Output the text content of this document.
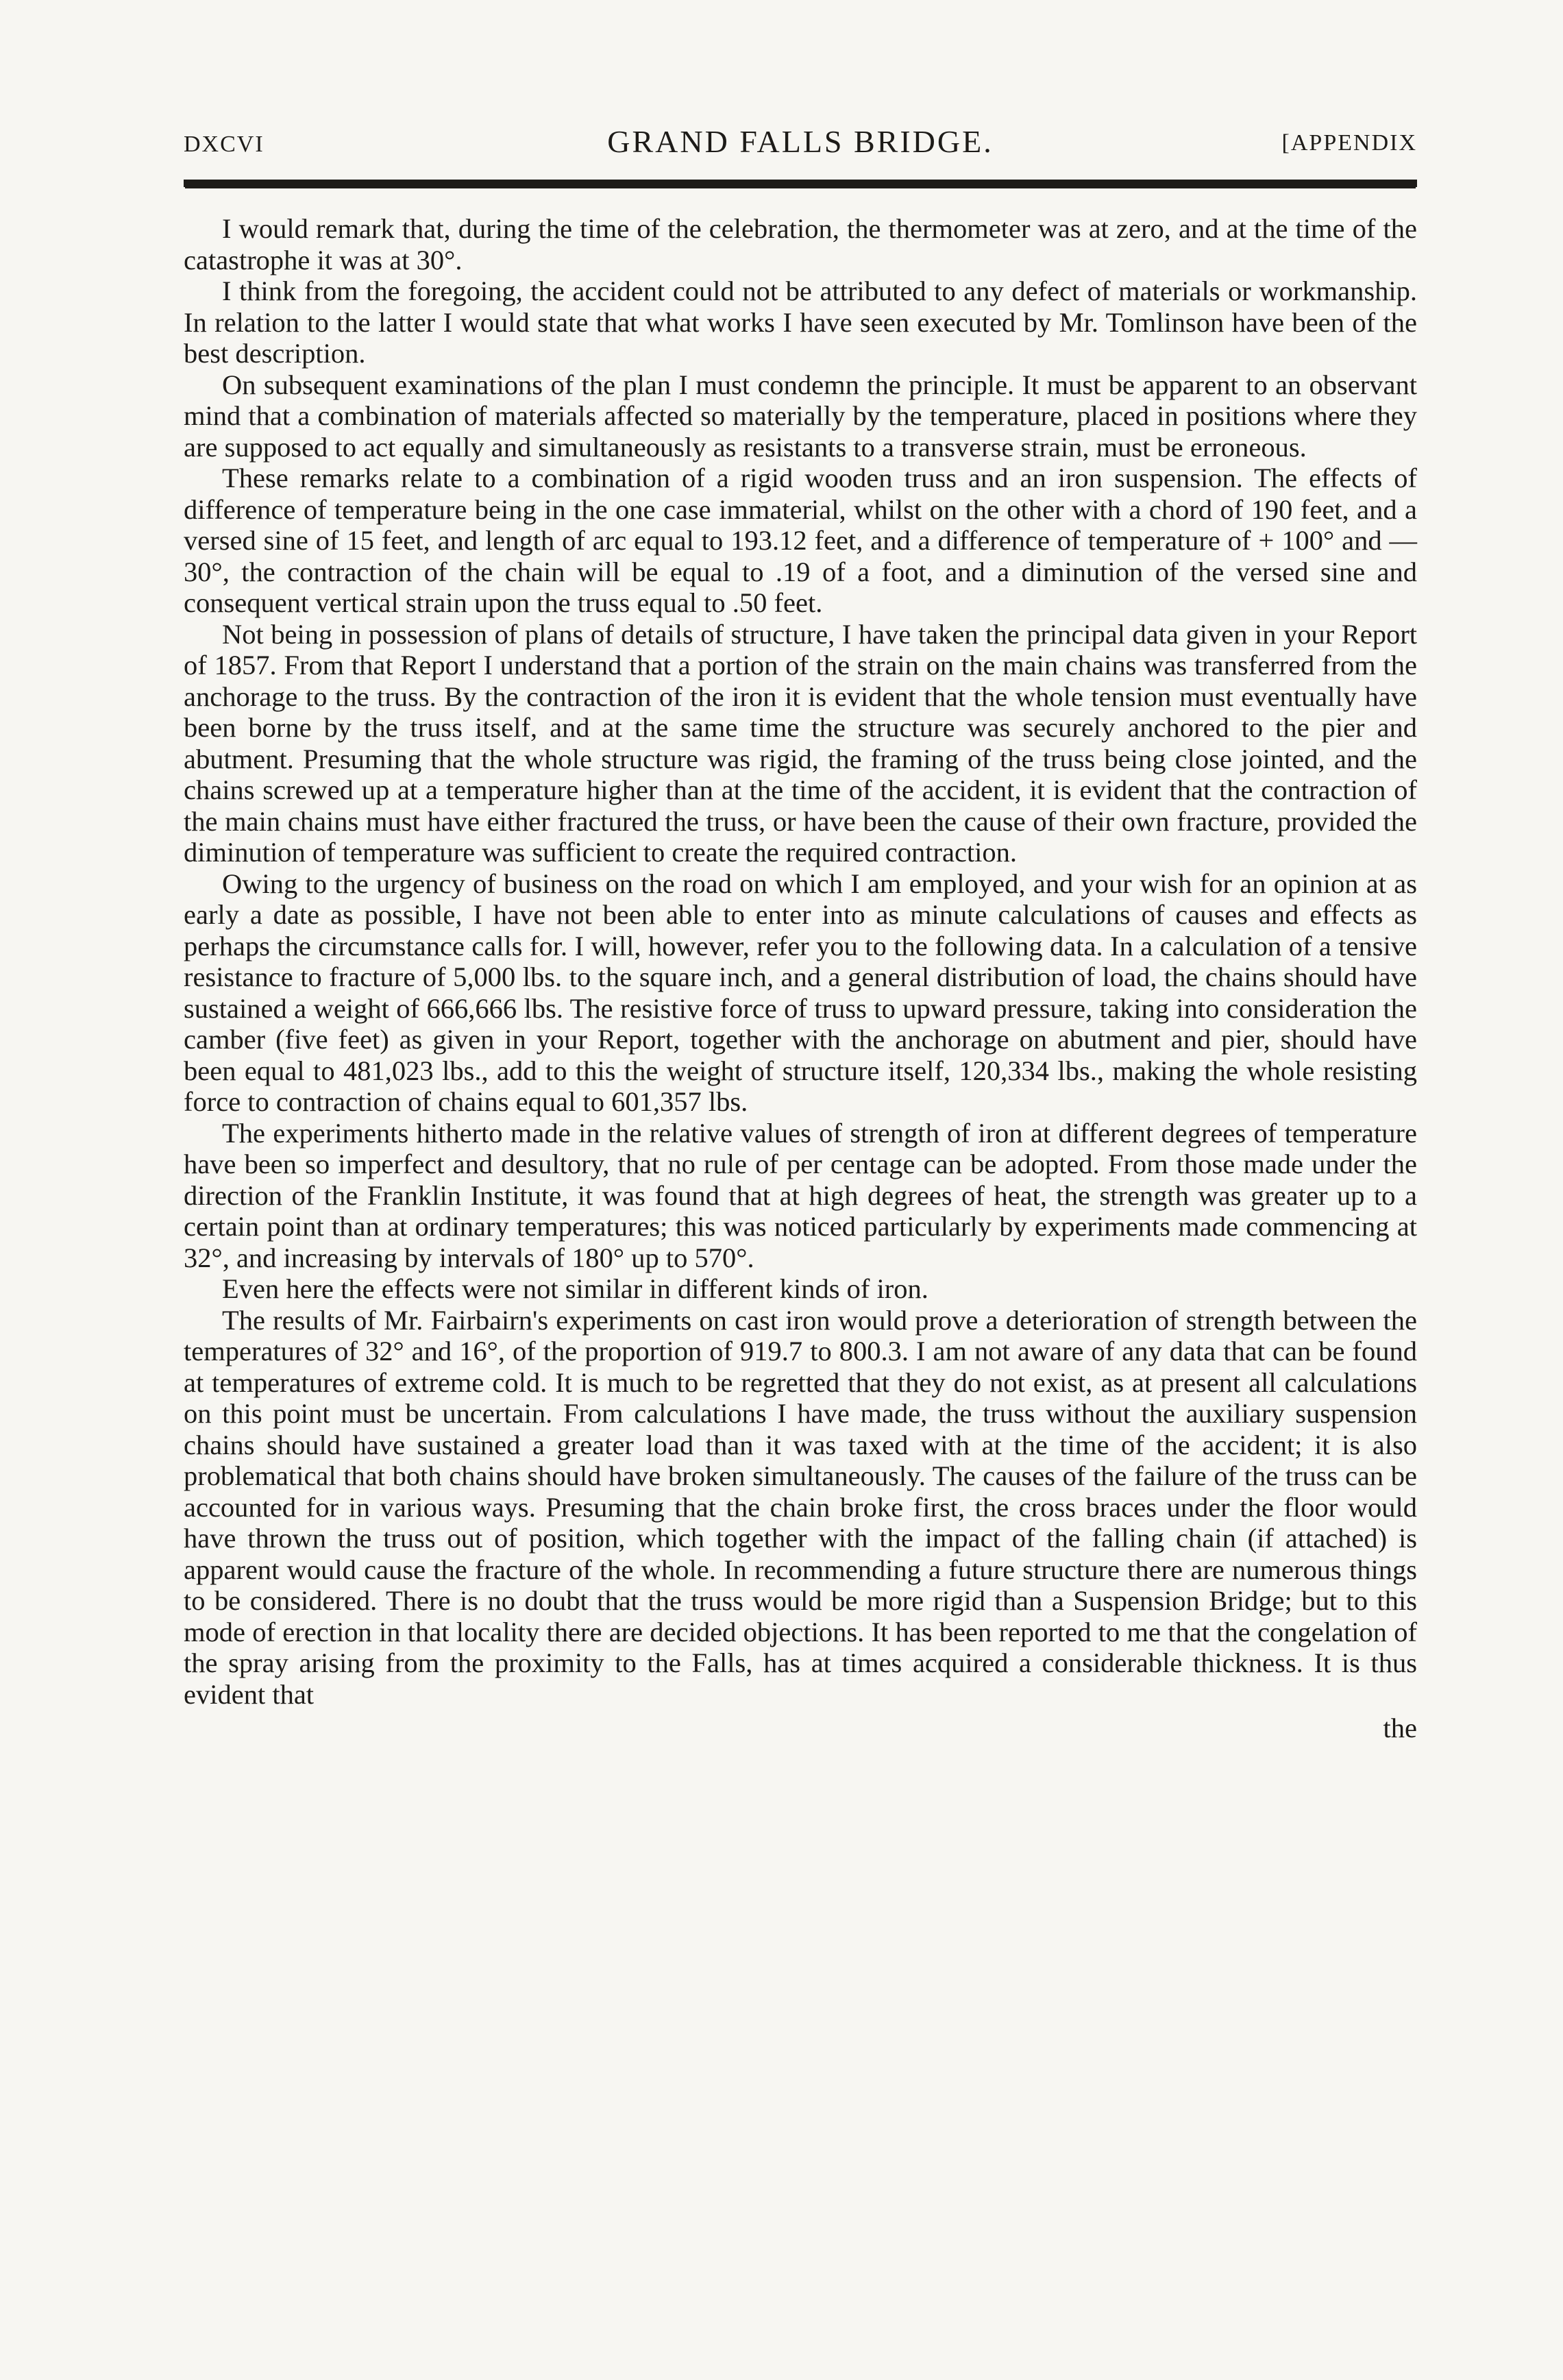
DXCVI	GRAND FALLS BRIDGE.	[APPENDIX

I would remark that, during the time of the celebration, the thermometer was at zero, and at the time of the catastrophe it was at 30°.

I think from the foregoing, the accident could not be attributed to any defect of materials or workmanship. In relation to the latter I would state that what works I have seen executed by Mr. Tomlinson have been of the best description.

On subsequent examinations of the plan I must condemn the principle. It must be apparent to an observant mind that a combination of materials affected so materially by the temperature, placed in positions where they are supposed to act equally and simultaneously as resistants to a transverse strain, must be erroneous.

These remarks relate to a combination of a rigid wooden truss and an iron suspension. The effects of difference of temperature being in the one case immaterial, whilst on the other with a chord of 190 feet, and a versed sine of 15 feet, and length of arc equal to 193.12 feet, and a difference of temperature of + 100° and — 30°, the contraction of the chain will be equal to .19 of a foot, and a diminution of the versed sine and consequent vertical strain upon the truss equal to .50 feet.

Not being in possession of plans of details of structure, I have taken the principal data given in your Report of 1857. From that Report I understand that a portion of the strain on the main chains was transferred from the anchorage to the truss. By the contraction of the iron it is evident that the whole tension must eventually have been borne by the truss itself, and at the same time the structure was securely anchored to the pier and abutment. Presuming that the whole structure was rigid, the framing of the truss being close jointed, and the chains screwed up at a temperature higher than at the time of the accident, it is evident that the contraction of the main chains must have either fractured the truss, or have been the cause of their own fracture, provided the diminution of temperature was sufficient to create the required contraction.

Owing to the urgency of business on the road on which I am employed, and your wish for an opinion at as early a date as possible, I have not been able to enter into as minute calculations of causes and effects as perhaps the circumstance calls for. I will, however, refer you to the following data. In a calculation of a tensive resistance to fracture of 5,000 lbs. to the square inch, and a general distribution of load, the chains should have sustained a weight of 666,666 lbs. The resistive force of truss to upward pressure, taking into consideration the camber (five feet) as given in your Report, together with the anchorage on abutment and pier, should have been equal to 481,023 lbs., add to this the weight of structure itself, 120,334 lbs., making the whole resisting force to contraction of chains equal to 601,357 lbs.

The experiments hitherto made in the relative values of strength of iron at different degrees of temperature have been so imperfect and desultory, that no rule of per centage can be adopted. From those made under the direction of the Franklin Institute, it was found that at high degrees of heat, the strength was greater up to a certain point than at ordinary temperatures; this was noticed particularly by experiments made commencing at 32°, and increasing by intervals of 180° up to 570°.

Even here the effects were not similar in different kinds of iron.

The results of Mr. Fairbairn's experiments on cast iron would prove a deterioration of strength between the temperatures of 32° and 16°, of the proportion of 919.7 to 800.3. I am not aware of any data that can be found at temperatures of extreme cold. It is much to be regretted that they do not exist, as at present all calculations on this point must be uncertain. From calculations I have made, the truss without the auxiliary suspension chains should have sustained a greater load than it was taxed with at the time of the accident; it is also problematical that both chains should have broken simultaneously. The causes of the failure of the truss can be accounted for in various ways. Presuming that the chain broke first, the cross braces under the floor would have thrown the truss out of position, which together with the impact of the falling chain (if attached) is apparent would cause the fracture of the whole. In recommending a future structure there are numerous things to be considered. There is no doubt that the truss would be more rigid than a Suspension Bridge; but to this mode of erection in that locality there are decided objections. It has been reported to me that the congelation of the spray arising from the proximity to the Falls, has at times acquired a considerable thickness. It is thus evident that

the
